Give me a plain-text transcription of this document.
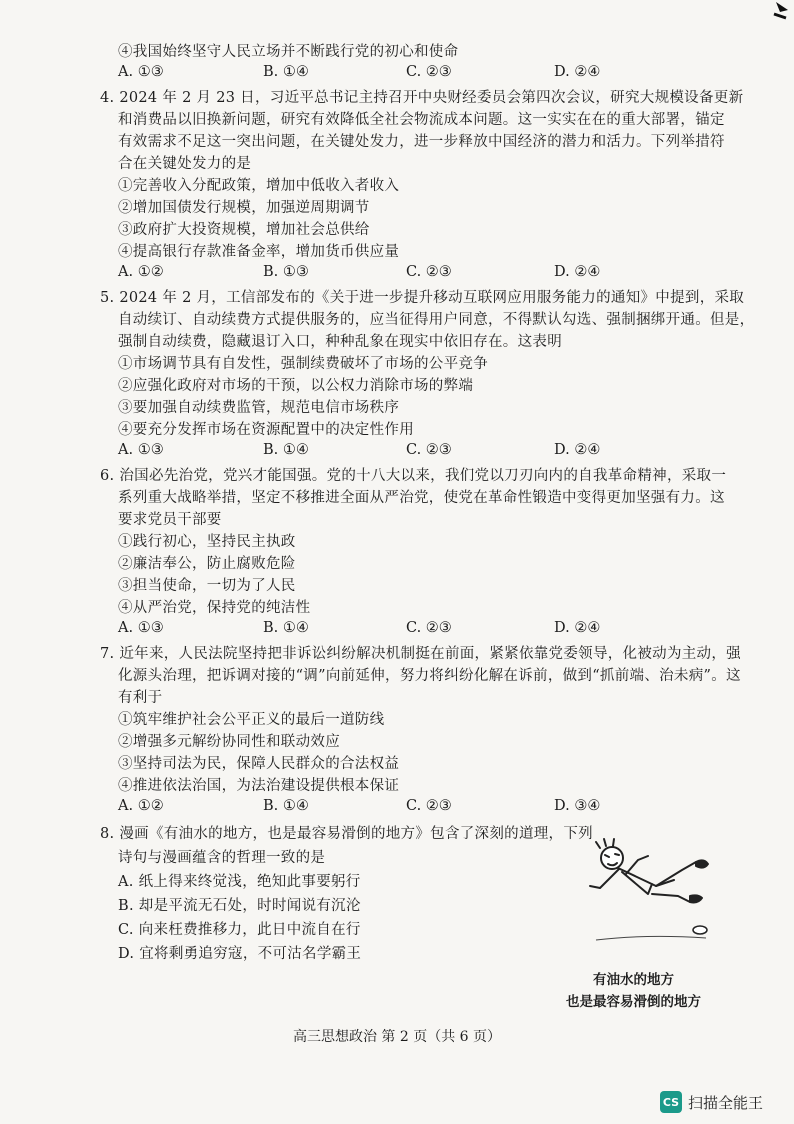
④我国始终坚守人民立场并不断践行党的初心和使命
A. ①③	B. ①④	C. ②③	D. ②④
4. 2024 年 2 月 23 日，习近平总书记主持召开中央财经委员会第四次会议，研究大规模设备更新
和消费品以旧换新问题，研究有效降低全社会物流成本问题。这一实实在在的重大部署，锚定
有效需求不足这一突出问题，在关键处发力，进一步释放中国经济的潜力和活力。下列举措符
合在关键处发力的是
①完善收入分配政策，增加中低收入者收入
②增加国债发行规模，加强逆周期调节
③政府扩大投资规模，增加社会总供给
④提高银行存款准备金率，增加货币供应量
A. ①②	B. ①③	C. ②③	D. ②④
5. 2024 年 2 月，工信部发布的《关于进一步提升移动互联网应用服务能力的通知》中提到，采取
自动续订、自动续费方式提供服务的，应当征得用户同意，不得默认勾选、强制捆绑开通。但是，
强制自动续费，隐藏退订入口，种种乱象在现实中依旧存在。这表明
①市场调节具有自发性，强制续费破坏了市场的公平竞争
②应强化政府对市场的干预，以公权力消除市场的弊端
③要加强自动续费监管，规范电信市场秩序
④要充分发挥市场在资源配置中的决定性作用
A. ①③	B. ①④	C. ②③	D. ②④
6. 治国必先治党，党兴才能国强。党的十八大以来，我们党以刀刃向内的自我革命精神，采取一
系列重大战略举措，坚定不移推进全面从严治党，使党在革命性锻造中变得更加坚强有力。这
要求党员干部要
①践行初心，坚持民主执政
②廉洁奉公，防止腐败危险
③担当使命，一切为了人民
④从严治党，保持党的纯洁性
A. ①③	B. ①④	C. ②③	D. ②④
7. 近年来，人民法院坚持把非诉讼纠纷解决机制挺在前面，紧紧依靠党委领导，化被动为主动，强
化源头治理，把诉调对接的“调”向前延伸，努力将纠纷化解在诉前，做到“抓前端、治未病”。这
有利于
①筑牢维护社会公平正义的最后一道防线
②增强多元解纷协同性和联动效应
③坚持司法为民，保障人民群众的合法权益
④推进依法治国，为法治建设提供根本保证
A. ①②	B. ①④	C. ②③	D. ③④
8. 漫画《有油水的地方，也是最容易滑倒的地方》包含了深刻的道理，下列
诗句与漫画蕴含的哲理一致的是
A. 纸上得来终觉浅，绝知此事要躬行
B. 却是平流无石处，时时闻说有沉沦
C. 向来枉费推移力，此日中流自在行
D. 宜将剩勇追穷寇，不可沽名学霸王
有油水的地方
也是最容易滑倒的地方
高三思想政治 第 2 页（共 6 页）
CS 扫描全能王
